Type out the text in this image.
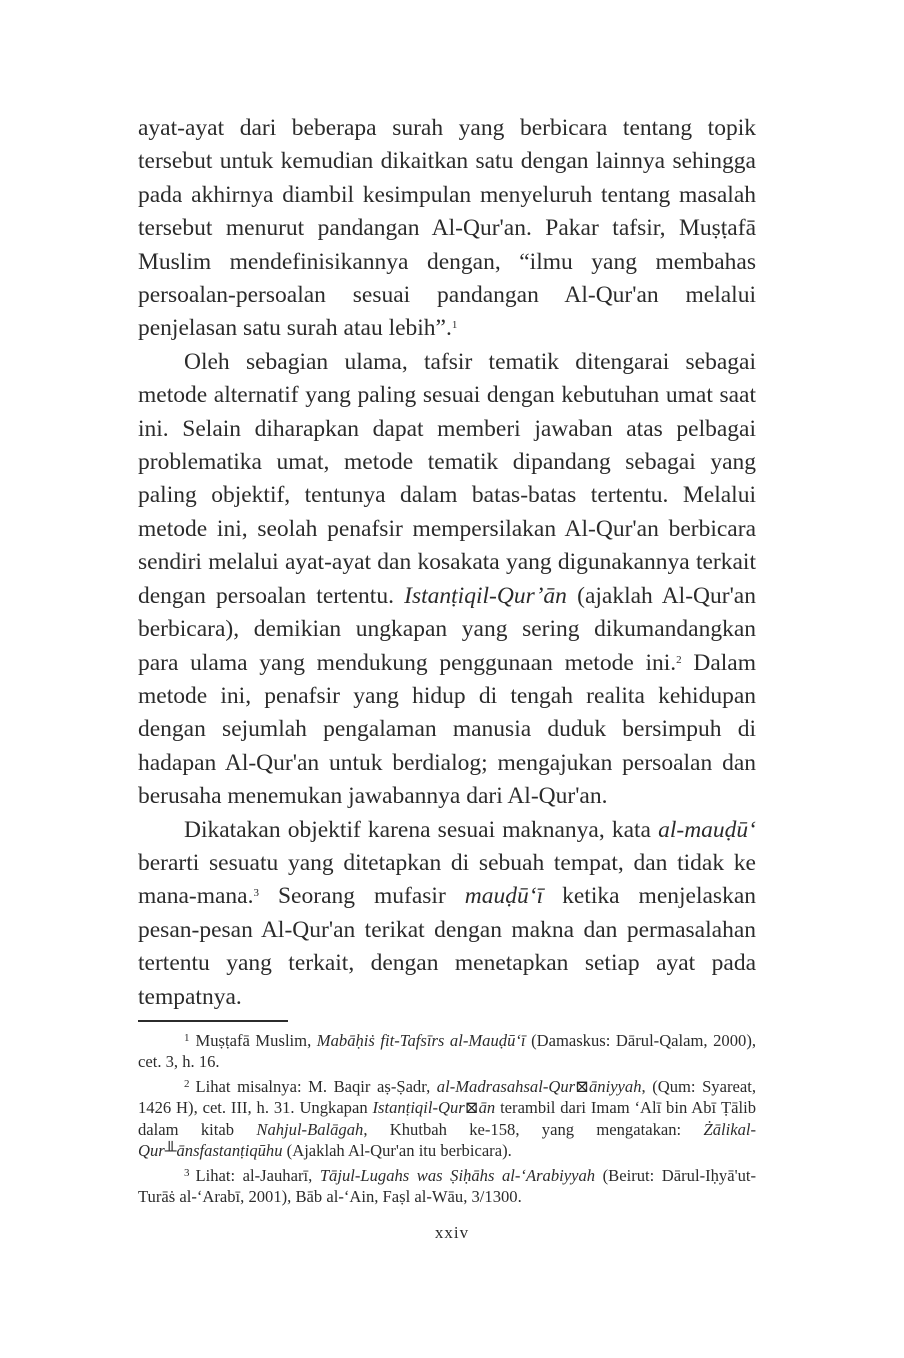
ayat-ayat dari beberapa surah yang berbicara tentang topik tersebut untuk kemudian dikaitkan satu dengan lainnya sehingga pada akhirnya diambil kesimpulan menyeluruh tentang masalah tersebut menurut pandangan Al-Qur'an. Pakar tafsir, Muṣṭafā Muslim mendefinisikannya dengan, “ilmu yang membahas persoalan-persoalan sesuai pandangan Al-Qur'an melalui penjelasan satu surah atau lebih”.$^1$

Oleh sebagian ulama, tafsir tematik ditengarai sebagai metode alternatif yang paling sesuai dengan kebutuhan umat saat ini. Selain diharapkan dapat memberi jawaban atas pelbagai problematika umat, metode tematik dipandang sebagai yang paling objektif, tentunya dalam batas-batas tertentu. Melalui metode ini, seolah penafsir mempersilakan Al-Qur'an berbicara sendiri melalui ayat-ayat dan kosakata yang digunakannya terkait dengan persoalan tertentu. Istanṭiqil-Qur’ān (ajaklah Al-Qur'an berbicara), demikian ungkapan yang sering dikumandangkan para ulama yang mendukung penggunaan metode ini.$^2$ Dalam metode ini, penafsir yang hidup di tengah realita kehidupan dengan sejumlah pengalaman manusia duduk bersimpuh di hadapan Al-Qur'an untuk berdialog; mengajukan persoalan dan berusaha menemukan jawabannya dari Al-Qur'an.

Dikatakan objektif karena sesuai maknanya, kata al-mauḍū‘ berarti sesuatu yang ditetapkan di sebuah tempat, dan tidak ke mana-mana.$^3$ Seorang mufasir mauḍū‘ī ketika menjelaskan pesan-pesan Al-Qur'an terikat dengan makna dan permasalahan tertentu yang terkait, dengan menetapkan setiap ayat pada tempatnya.

$^1$ Muṣṭafā Muslim, Mabāḥiṡ fit-Tafsīrs al-Mauḍū‘ī (Damaskus: Dārul-Qalam, 2000), cet. 3, h. 16.

$^2$ Lihat misalnya: M. Baqir aṣ-Ṣadr, al-Madrasahsal-Qur⊠āniyyah, (Qum: Syareat, 1426 H), cet. III, h. 31. Ungkapan Istanṭiqil-Qur⊠ān terambil dari Imam ʻAlī bin Abī Ṭālib dalam kitab Nahjul-Balāgah, Khutbah ke-158, yang mengatakan: Żālikal-Qur╨ānsfastanṭiqūhu (Ajaklah Al-Qur'an itu berbicara).

$^3$ Lihat: al-Jauharī, Tājul-Lugahs was Ṣiḥāhs al-ʻArabiyyah (Beirut: Dārul-Iḥyā'ut-Turāṡ al-ʻArabī, 2001), Bāb al-ʻAin, Faṣl al-Wāu, 3/1300.

xxiv
